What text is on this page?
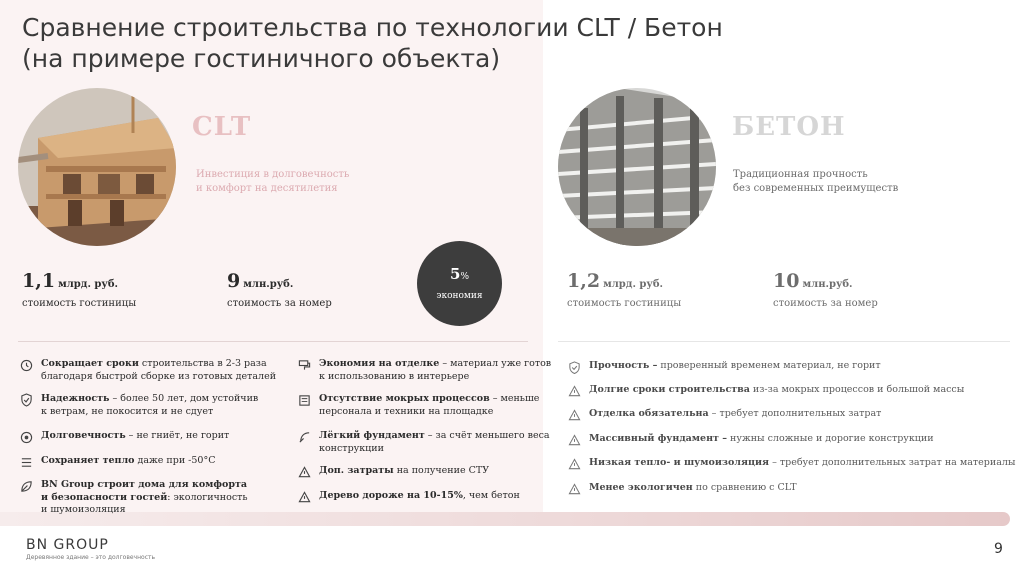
Сравнение строительства по технологии CLT / Бетон
(на примере гостиничного объекта)
CLT
Инвестиция в долговечность
и комфорт на десятилетия
БЕТОН
Традиционная прочность
без современных преимуществ
1,1 млрд. руб.
стоимость гостиницы
9 млн.руб.
стоимость за номер
5%
экономия
1,2 млрд. руб.
стоимость гостиницы
10 млн.руб.
стоимость за номер
Сокращает сроки строительства в 2-3 раза
благодаря быстрой сборке из готовых деталей
Надежность – более 50 лет, дом устойчив
к ветрам, не покосится и не сдует
Долговечность – не гниёт, не горит
Сохраняет тепло даже при -50°C
BN Group строит дома для комфорта
и безопасности гостей: экологичность
и шумоизоляция
Экономия на отделке – материал уже готов
к использованию в интерьере
Отсутствие мокрых процессов – меньше
персонала и техники на площадке
Лёгкий фундамент – за счёт меньшего веса
конструкции
Доп. затраты на получение СТУ
Дерево дороже на 10-15%, чем бетон
Прочность – проверенный временем материал, не горит
Долгие сроки строительства из-за мокрых процессов и большой массы
Отделка обязательна – требует дополнительных затрат
Массивный фундамент – нужны сложные и дорогие конструкции
Низкая тепло- и шумоизоляция – требует дополнительных затрат на материалы
Менее экологичен по сравнению с CLT
BN GROUP
Деревянное здание – это долговечность
9
